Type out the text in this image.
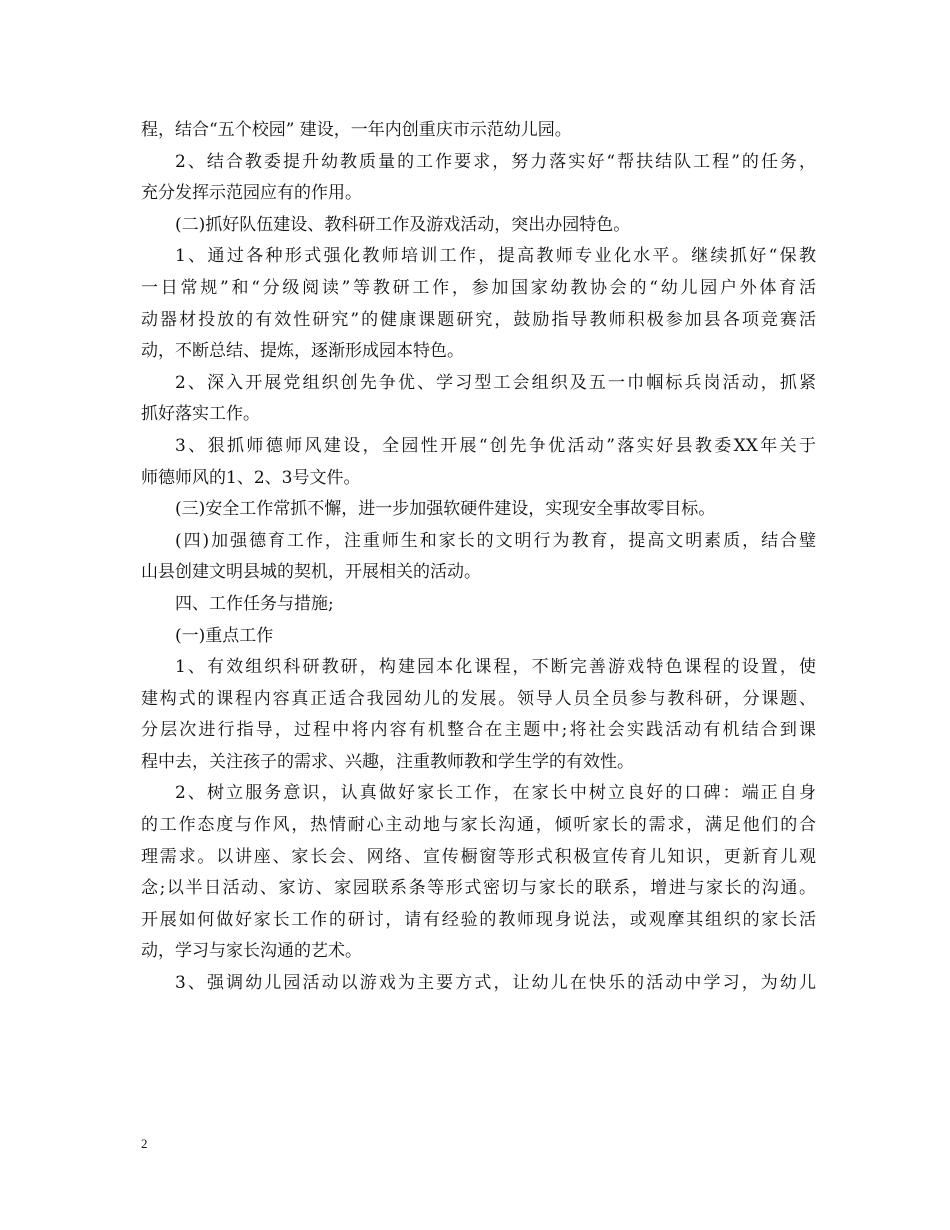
程，结合“五个校园” 建设，一年内创重庆市示范幼儿园。
2、结合教委提升幼教质量的工作要求，努力落实好“帮扶结队工程”的任务，
充分发挥示范园应有的作用。
(二)抓好队伍建设、教科研工作及游戏活动，突出办园特色。
1、通过各种形式强化教师培训工作，提高教师专业化水平。继续抓好“保教
一日常规”和“分级阅读”等教研工作，参加国家幼教协会的“幼儿园户外体育活
动器材投放的有效性研究”的健康课题研究，鼓励指导教师积极参加县各项竞赛活
动，不断总结、提炼，逐渐形成园本特色。
2、深入开展党组织创先争优、学习型工会组织及五一巾帼标兵岗活动，抓紧
抓好落实工作。
3、狠抓师德师风建设，全园性开展“创先争优活动”落实好县教委XX年关于
师德师风的1、2、3号文件。
(三)安全工作常抓不懈，进一步加强软硬件建设，实现安全事故零目标。
(四)加强德育工作，注重师生和家长的文明行为教育，提高文明素质，结合璧
山县创建文明县城的契机，开展相关的活动。
四、工作任务与措施;
(一)重点工作
1、有效组织科研教研，构建园本化课程，不断完善游戏特色课程的设置，使
建构式的课程内容真正适合我园幼儿的发展。领导人员全员参与教科研，分课题、
分层次进行指导，过程中将内容有机整合在主题中;将社会实践活动有机结合到课
程中去，关注孩子的需求、兴趣，注重教师教和学生学的有效性。
2、树立服务意识，认真做好家长工作，在家长中树立良好的口碑：端正自身
的工作态度与作风，热情耐心主动地与家长沟通，倾听家长的需求，满足他们的合
理需求。以讲座、家长会、网络、宣传橱窗等形式积极宣传育儿知识，更新育儿观
念;以半日活动、家访、家园联系条等形式密切与家长的联系，增进与家长的沟通。
开展如何做好家长工作的研讨，请有经验的教师现身说法，或观摩其组织的家长活
动，学习与家长沟通的艺术。
3、强调幼儿园活动以游戏为主要方式，让幼儿在快乐的活动中学习，为幼儿
2
